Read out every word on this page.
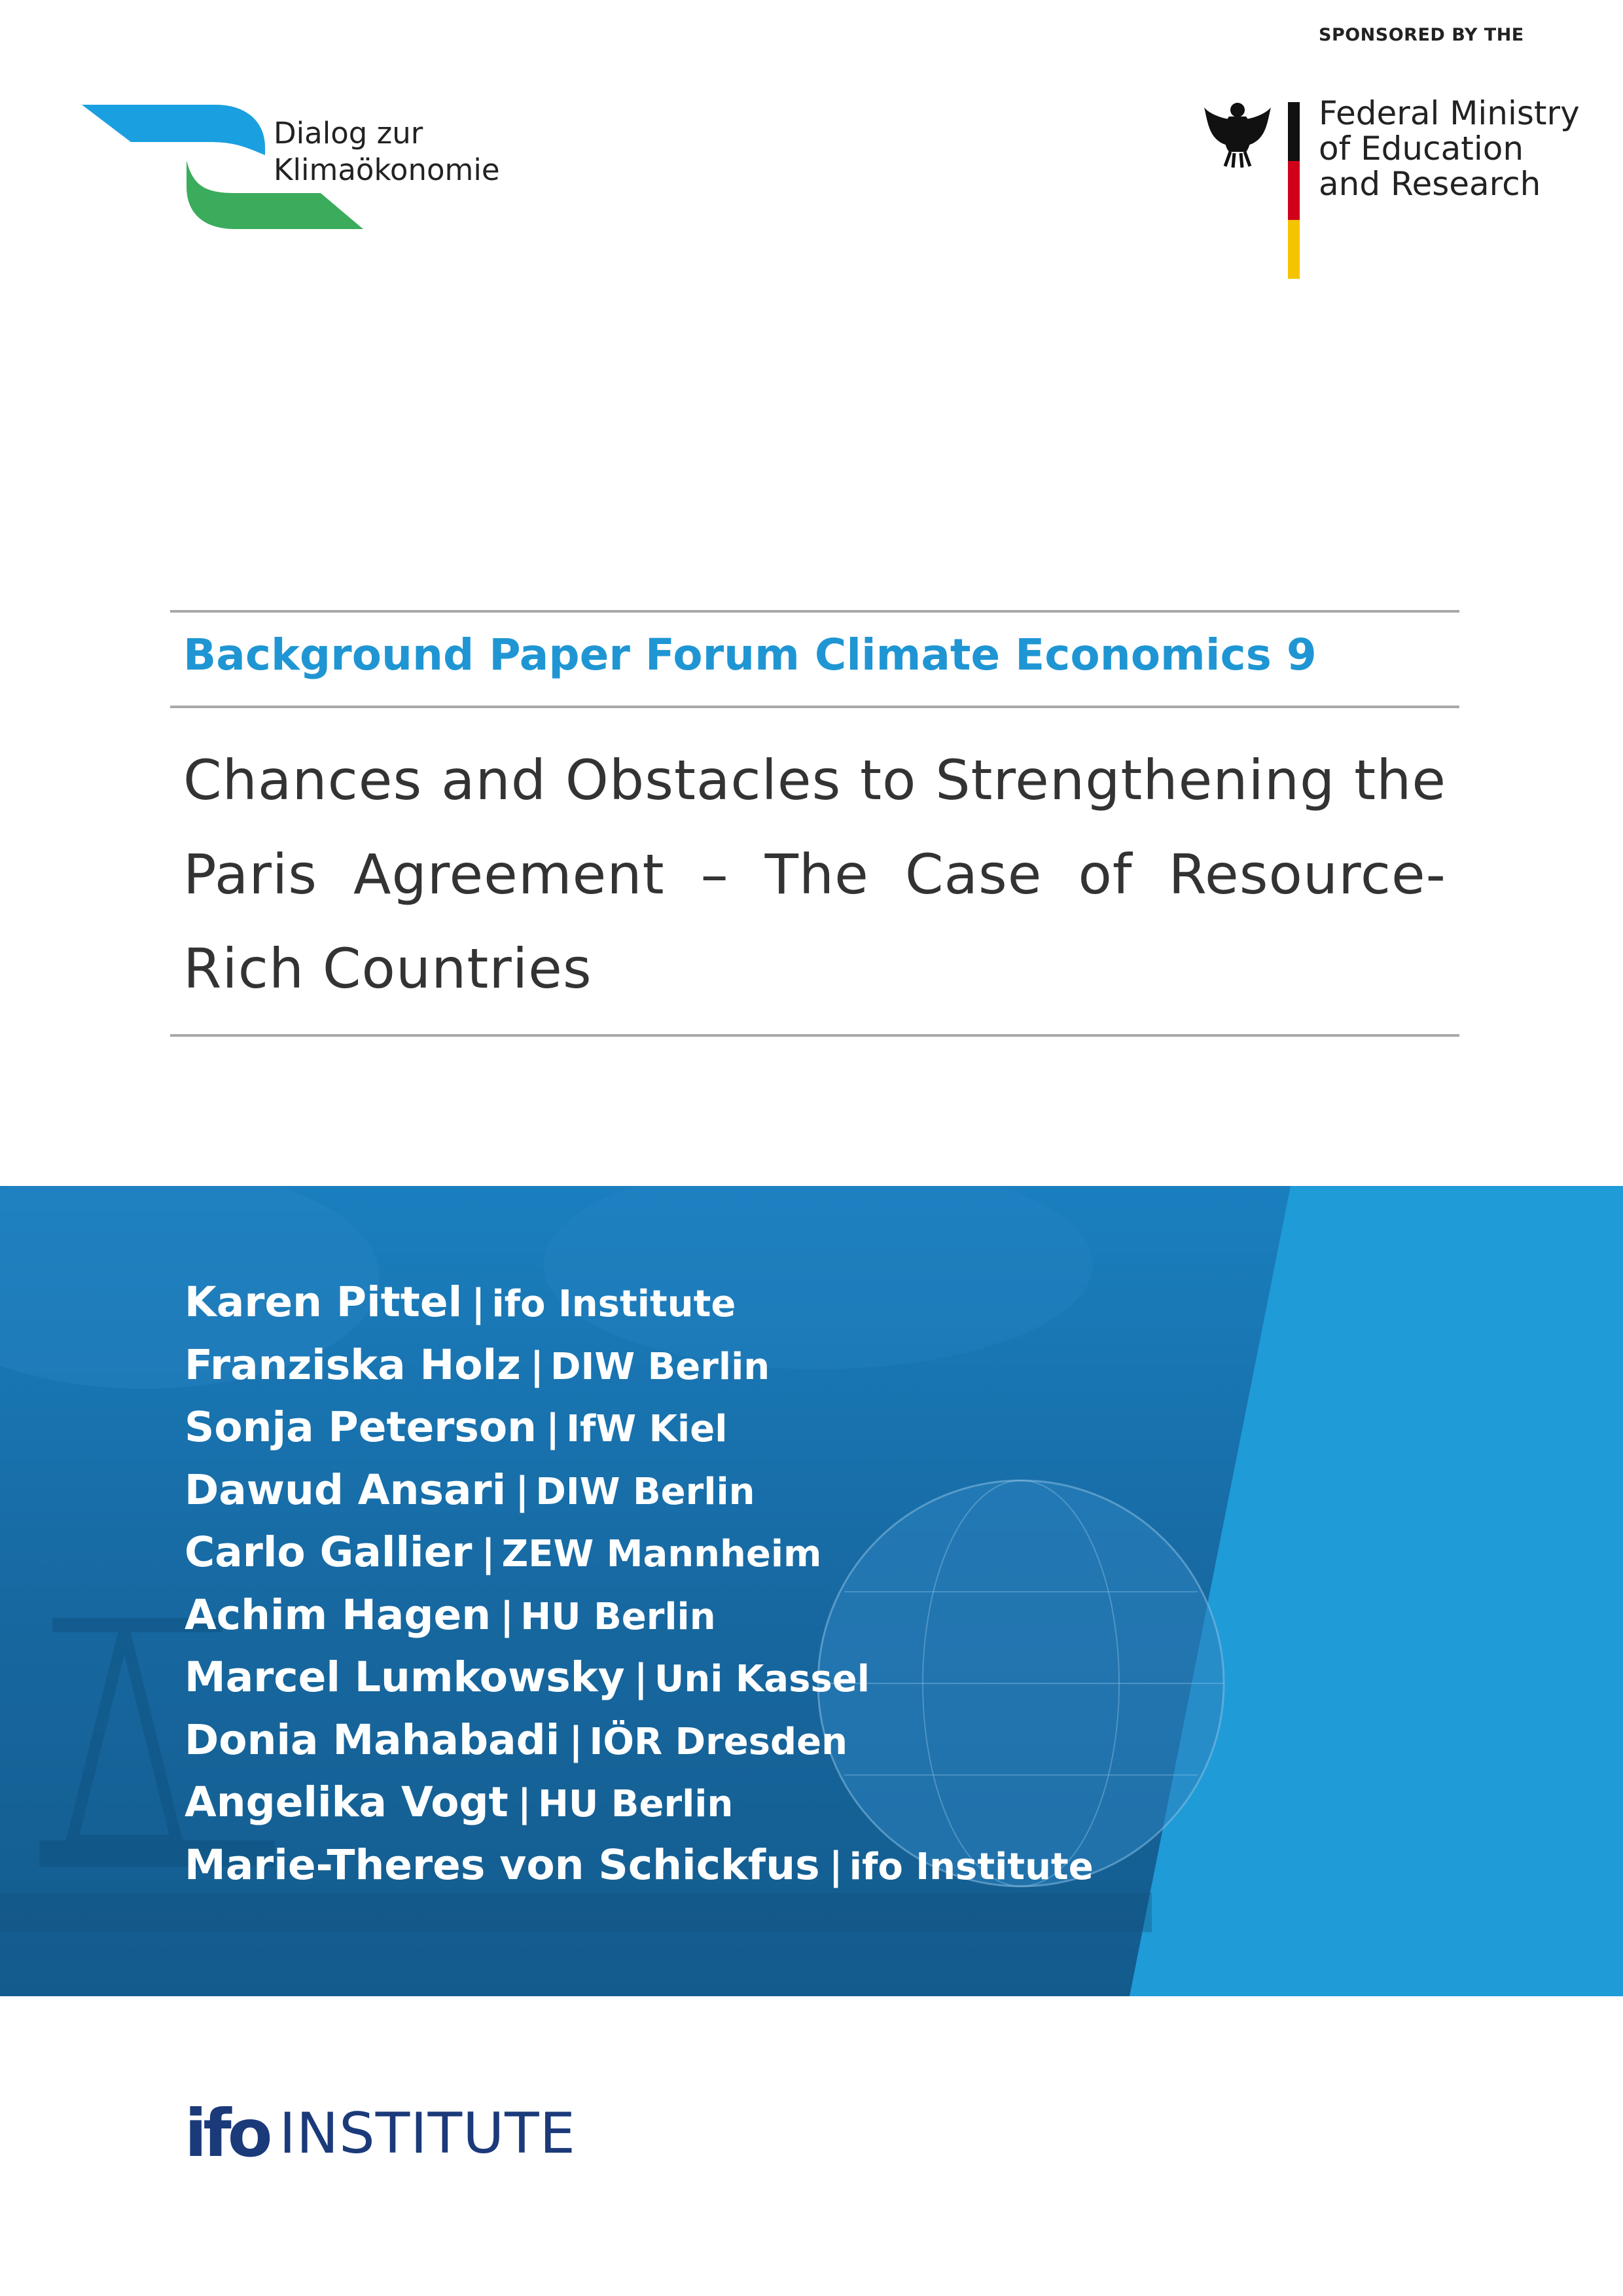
SPONSORED BY THE
Dialog zur
Klimaökonomie
Federal Ministry
of Education
and Research
Background Paper Forum Climate Economics 9
Chances and Obstacles to Strengthening the Paris Agreement – The Case of Resource-Rich Countries
Karen Pittel | ifo Institute
Franziska Holz | DIW Berlin
Sonja Peterson | IfW Kiel
Dawud Ansari | DIW Berlin
Carlo Gallier | ZEW Mannheim
Achim Hagen | HU Berlin
Marcel Lumkowsky | Uni Kassel
Donia Mahabadi | IÖR Dresden
Angelika Vogt | HU Berlin
Marie-Theres von Schickfus | ifo Institute
ifo INSTITUTE
